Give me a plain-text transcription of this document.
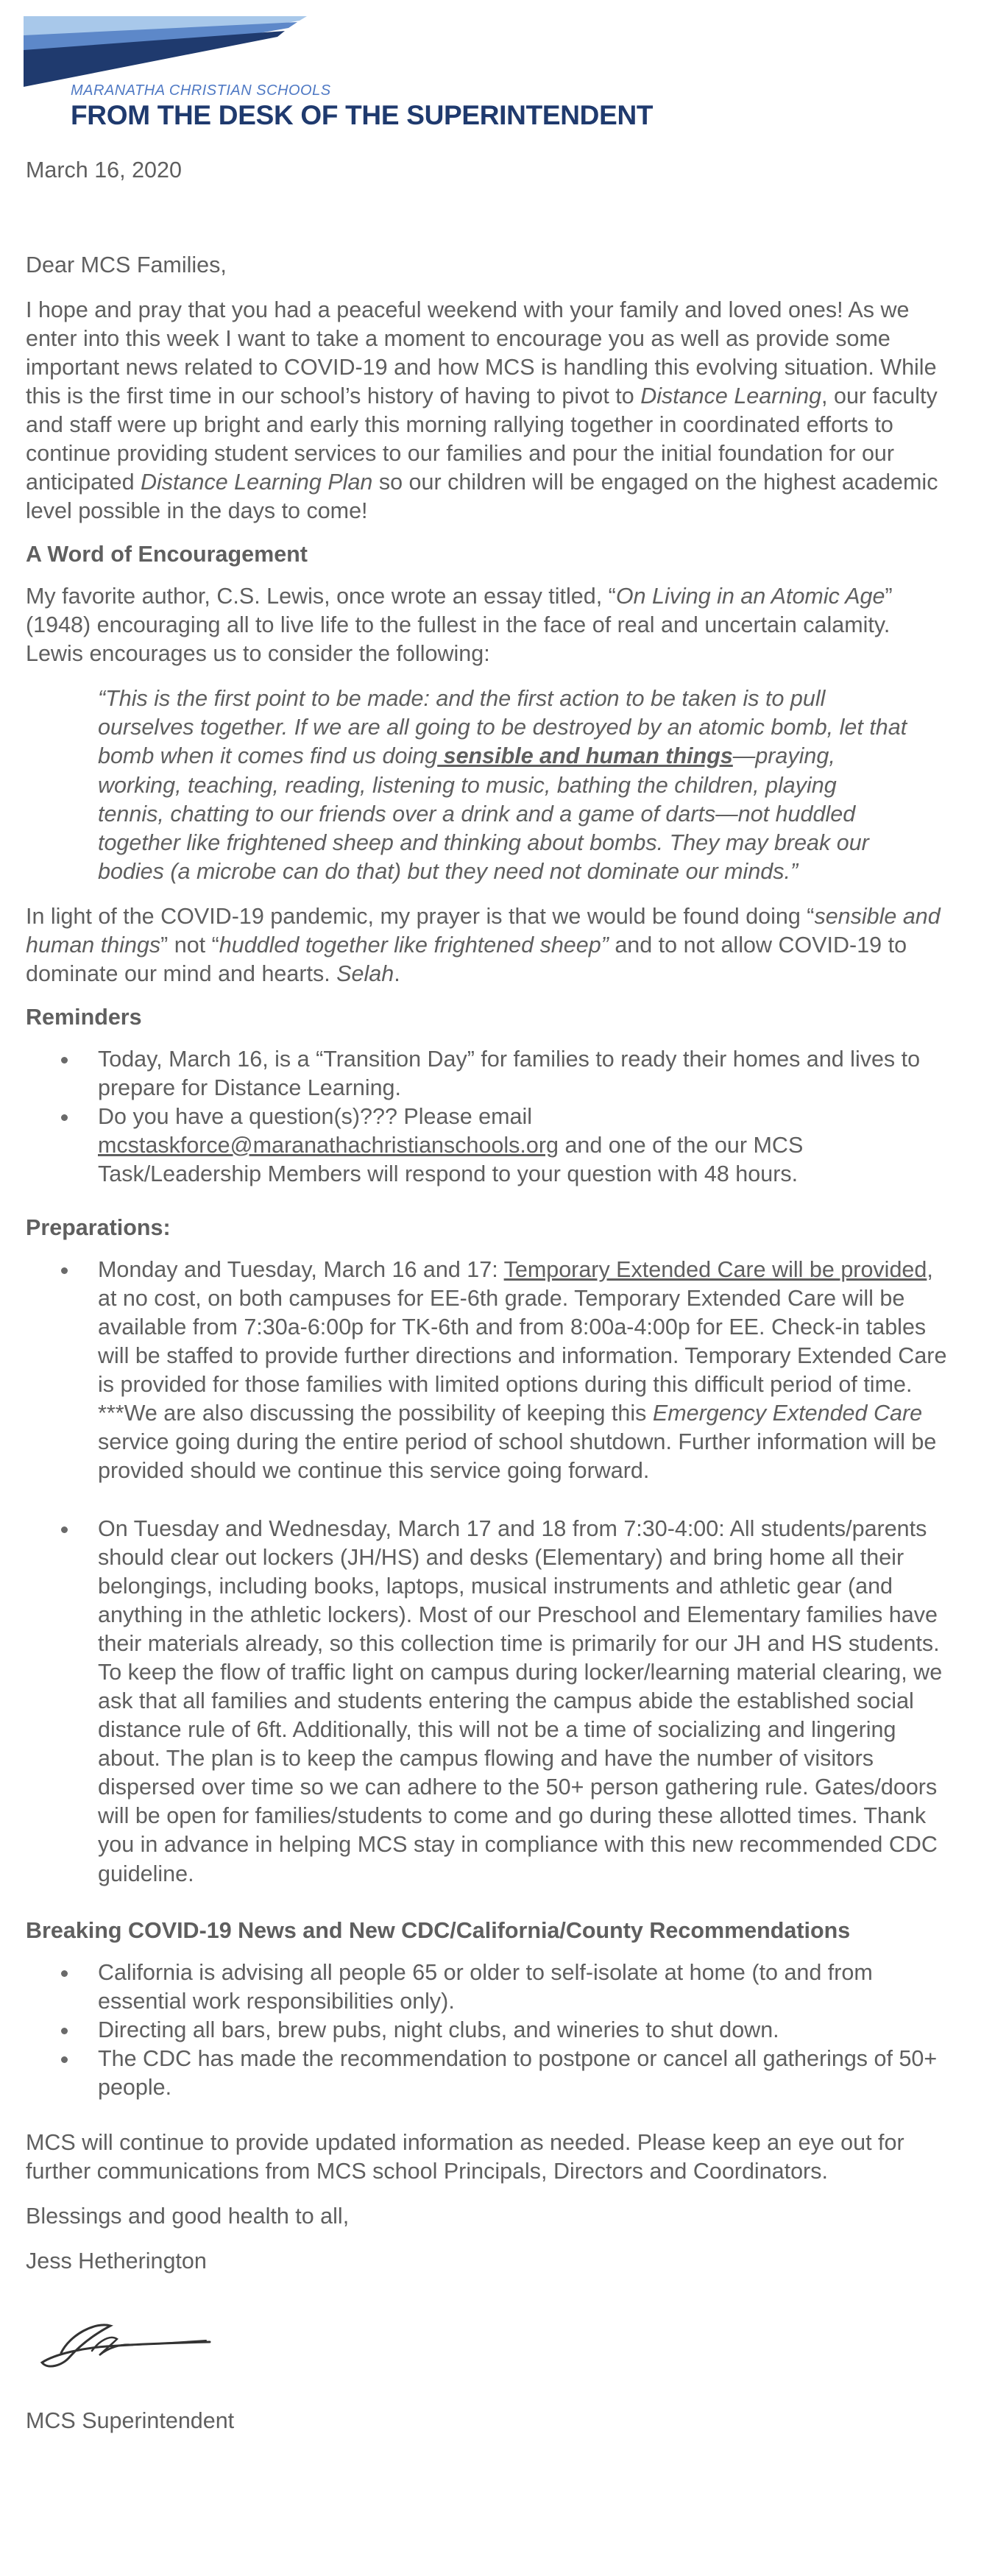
MARANATHA CHRISTIAN SCHOOLS
FROM THE DESK OF THE SUPERINTENDENT

March 16, 2020

Dear MCS Families,

I hope and pray that you had a peaceful weekend with your family and loved ones! As we enter into this week I want to take a moment to encourage you as well as provide some important news related to COVID-19 and how MCS is handling this evolving situation. While this is the first time in our school’s history of having to pivot to Distance Learning, our faculty and staff were up bright and early this morning rallying together in coordinated efforts to continue providing student services to our families and pour the initial foundation for our anticipated Distance Learning Plan so our children will be engaged on the highest academic level possible in the days to come!

A Word of Encouragement

My favorite author, C.S. Lewis, once wrote an essay titled, “On Living in an Atomic Age” (1948) encouraging all to live life to the fullest in the face of real and uncertain calamity. Lewis encourages us to consider the following:

“This is the first point to be made: and the first action to be taken is to pull ourselves together. If we are all going to be destroyed by an atomic bomb, let that bomb when it comes find us doing sensible and human things—praying, working, teaching, reading, listening to music, bathing the children, playing tennis, chatting to our friends over a drink and a game of darts—not huddled together like frightened sheep and thinking about bombs. They may break our bodies (a microbe can do that) but they need not dominate our minds.”

In light of the COVID-19 pandemic, my prayer is that we would be found doing “sensible and human things” not “huddled together like frightened sheep” and to not allow COVID-19 to dominate our mind and hearts. Selah.

Reminders
Today, March 16, is a “Transition Day” for families to ready their homes and lives to prepare for Distance Learning.
Do you have a question(s)??? Please email mcstaskforce@maranathachristianschools.org and one of the our MCS Task/Leadership Members will respond to your question with 48 hours.
Preparations:
Monday and Tuesday, March 16 and 17: Temporary Extended Care will be provided, at no cost, on both campuses for EE-6th grade. Temporary Extended Care will be available from 7:30a-6:00p for TK-6th and from 8:00a-4:00p for EE. Check-in tables will be staffed to provide further directions and information. Temporary Extended Care is provided for those families with limited options during this difficult period of time. ***We are also discussing the possibility of keeping this Emergency Extended Care service going during the entire period of school shutdown. Further information will be provided should we continue this service going forward.
On Tuesday and Wednesday, March 17 and 18 from 7:30-4:00: All students/parents should clear out lockers (JH/HS) and desks (Elementary) and bring home all their belongings, including books, laptops, musical instruments and athletic gear (and anything in the athletic lockers). Most of our Preschool and Elementary families have their materials already, so this collection time is primarily for our JH and HS students. To keep the flow of traffic light on campus during locker/learning material clearing, we ask that all families and students entering the campus abide the established social distance rule of 6ft. Additionally, this will not be a time of socializing and lingering about. The plan is to keep the campus flowing and have the number of visitors dispersed over time so we can adhere to the 50+ person gathering rule. Gates/doors will be open for families/students to come and go during these allotted times. Thank you in advance in helping MCS stay in compliance with this new recommended CDC guideline.
Breaking COVID-19 News and New CDC/California/County Recommendations
California is advising all people 65 or older to self-isolate at home (to and from essential work responsibilities only).
Directing all bars, brew pubs, night clubs, and wineries to shut down.
The CDC has made the recommendation to postpone or cancel all gatherings of 50+ people.

MCS will continue to provide updated information as needed. Please keep an eye out for further communications from MCS school Principals, Directors and Coordinators.

Blessings and good health to all,

Jess Hetherington

MCS Superintendent
